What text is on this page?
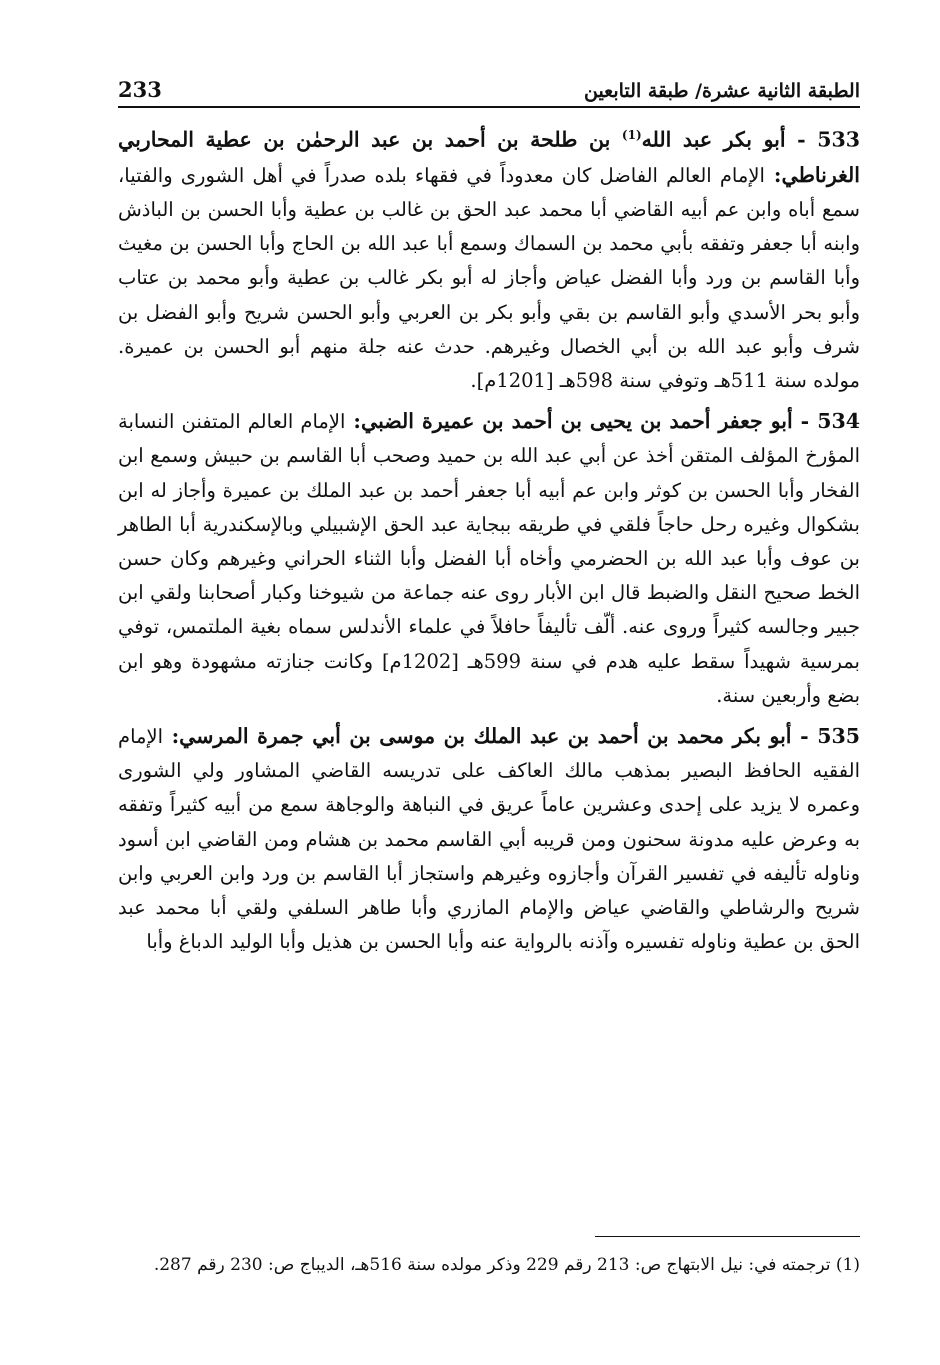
233	الطبقة الثانية عشرة/ طبقة التابعين

533 - أبو بكر عبد الله$^{(1)}$ بن طلحة بن أحمد بن عبد الرحمٰن بن عطية المحاربي الغرناطي: الإمام العالم الفاضل كان معدوداً في فقهاء بلده صدراً في أهل الشورى والفتيا، سمع أباه وابن عم أبيه القاضي أبا محمد عبد الحق بن غالب بن عطية وأبا الحسن بن الباذش وابنه أبا جعفر وتفقه بأبي محمد بن السماك وسمع أبا عبد الله بن الحاج وأبا الحسن بن مغيث وأبا القاسم بن ورد وأبا الفضل عياض وأجاز له أبو بكر غالب بن عطية وأبو محمد بن عتاب وأبو بحر الأسدي وأبو القاسم بن بقي وأبو بكر بن العربي وأبو الحسن شريح وأبو الفضل بن شرف وأبو عبد الله بن أبي الخصال وغيرهم. حدث عنه جلة منهم أبو الحسن بن عميرة. مولده سنة 511هـ وتوفي سنة 598هـ [1201م].

534 - أبو جعفر أحمد بن يحيى بن أحمد بن عميرة الضبي: الإمام العالم المتفنن النسابة المؤرخ المؤلف المتقن أخذ عن أبي عبد الله بن حميد وصحب أبا القاسم بن حبيش وسمع ابن الفخار وأبا الحسن بن كوثر وابن عم أبيه أبا جعفر أحمد بن عبد الملك بن عميرة وأجاز له ابن بشكوال وغيره رحل حاجاً فلقي في طريقه ببجاية عبد الحق الإشبيلي وبالإسكندرية أبا الطاهر بن عوف وأبا عبد الله بن الحضرمي وأخاه أبا الفضل وأبا الثناء الحراني وغيرهم وكان حسن الخط صحيح النقل والضبط قال ابن الأبار روى عنه جماعة من شيوخنا وكبار أصحابنا ولقي ابن جبير وجالسه كثيراً وروى عنه. ألّف تأليفاً حافلاً في علماء الأندلس سماه بغية الملتمس، توفي بمرسية شهيداً سقط عليه هدم في سنة 599هـ [1202م] وكانت جنازته مشهودة وهو ابن بضع وأربعين سنة.

535 - أبو بكر محمد بن أحمد بن عبد الملك بن موسى بن أبي جمرة المرسي: الإمام الفقيه الحافظ البصير بمذهب مالك العاكف على تدريسه القاضي المشاور ولي الشورى وعمره لا يزيد على إحدى وعشرين عاماً عريق في النباهة والوجاهة سمع من أبيه كثيراً وتفقه به وعرض عليه مدونة سحنون ومن قريبه أبي القاسم محمد بن هشام ومن القاضي ابن أسود وناوله تأليفه في تفسير القرآن وأجازوه وغيرهم واستجاز أبا القاسم بن ورد وابن العربي وابن شريح والرشاطي والقاضي عياض والإمام المازري وأبا طاهر السلفي ولقي أبا محمد عبد الحق بن عطية وناوله تفسيره وآذنه بالرواية عنه وأبا الحسن بن هذيل وأبا الوليد الدباغ وأبا

(1) ترجمته في: نيل الابتهاج ص: 213 رقم 229 وذكر مولده سنة 516هـ، الديباج ص: 230 رقم 287.
